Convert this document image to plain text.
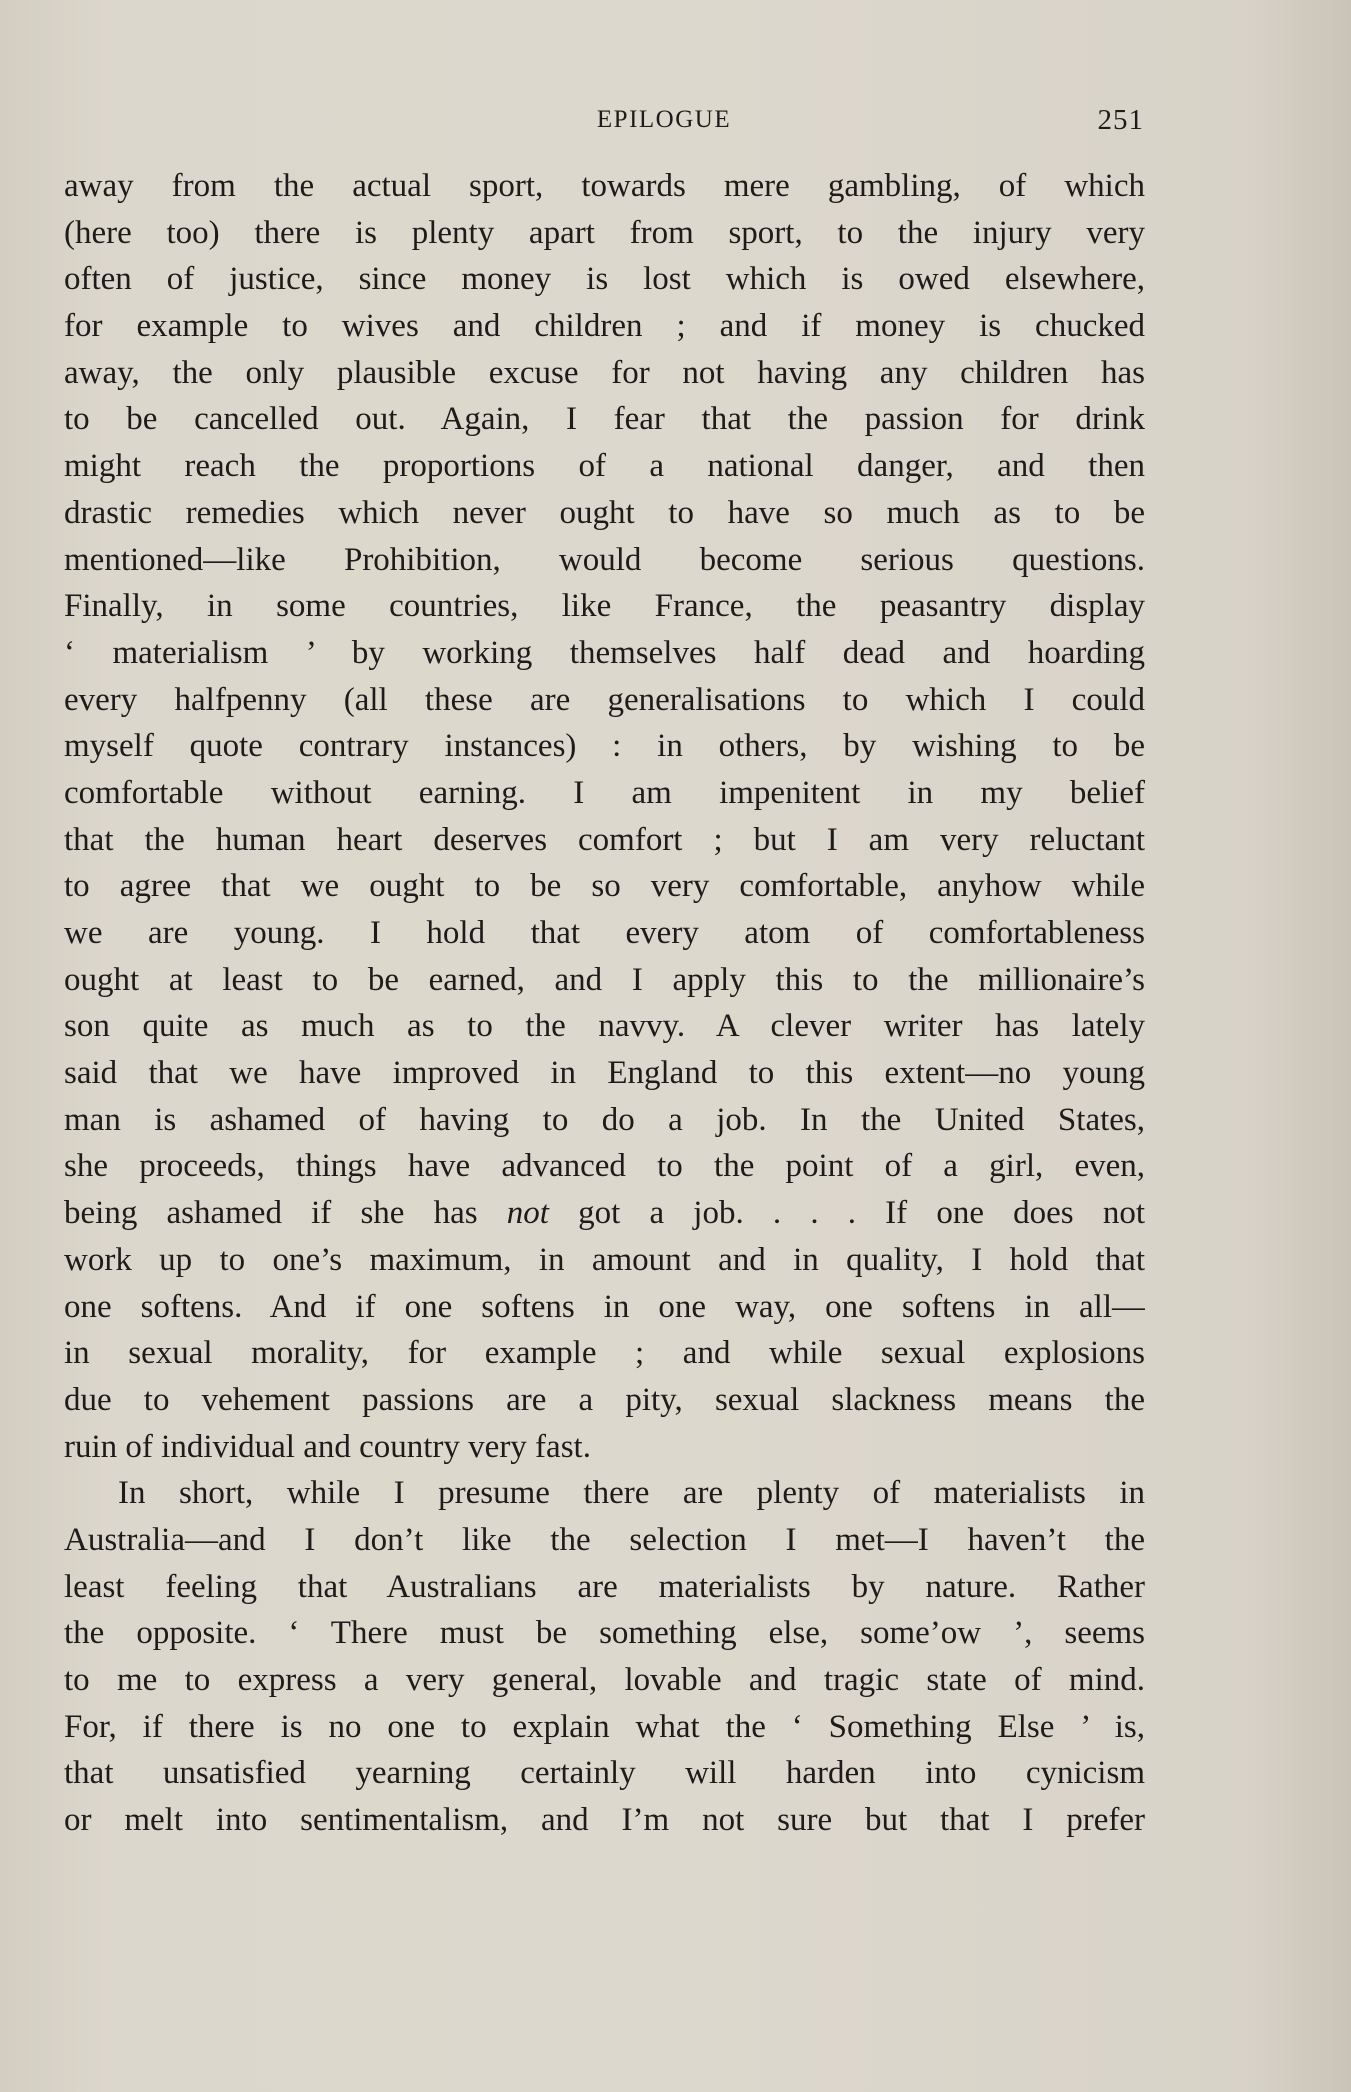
EPILOGUE	251
away from the actual sport, towards mere gambling, of which
(here too) there is plenty apart from sport, to the injury very
often of justice, since money is lost which is owed elsewhere,
for example to wives and children ; and if money is chucked
away, the only plausible excuse for not having any children has
to be cancelled out. Again, I fear that the passion for drink
might reach the proportions of a national danger, and then
drastic remedies which never ought to have so much as to be
mentioned—like Prohibition, would become serious questions.
Finally, in some countries, like France, the peasantry display
‘ materialism ’ by working themselves half dead and hoarding
every halfpenny (all these are generalisations to which I could
myself quote contrary instances) : in others, by wishing to be
comfortable without earning. I am impenitent in my belief
that the human heart deserves comfort ; but I am very reluctant
to agree that we ought to be so very comfortable, anyhow while
we are young. I hold that every atom of comfortableness
ought at least to be earned, and I apply this to the millionaire’s
son quite as much as to the navvy. A clever writer has lately
said that we have improved in England to this extent—no young
man is ashamed of having to do a job. In the United States,
she proceeds, things have advanced to the point of a girl, even,
being ashamed if she has not got a job. . . . If one does not
work up to one’s maximum, in amount and in quality, I hold that
one softens. And if one softens in one way, one softens in all—
in sexual morality, for example ; and while sexual explosions
due to vehement passions are a pity, sexual slackness means the
ruin of individual and country very fast.
In short, while I presume there are plenty of materialists in
Australia—and I don’t like the selection I met—I haven’t the
least feeling that Australians are materialists by nature. Rather
the opposite. ‘ There must be something else, some’ow ’, seems
to me to express a very general, lovable and tragic state of mind.
For, if there is no one to explain what the ‘ Something Else ’ is,
that unsatisfied yearning certainly will harden into cynicism
or melt into sentimentalism, and I’m not sure but that I prefer
